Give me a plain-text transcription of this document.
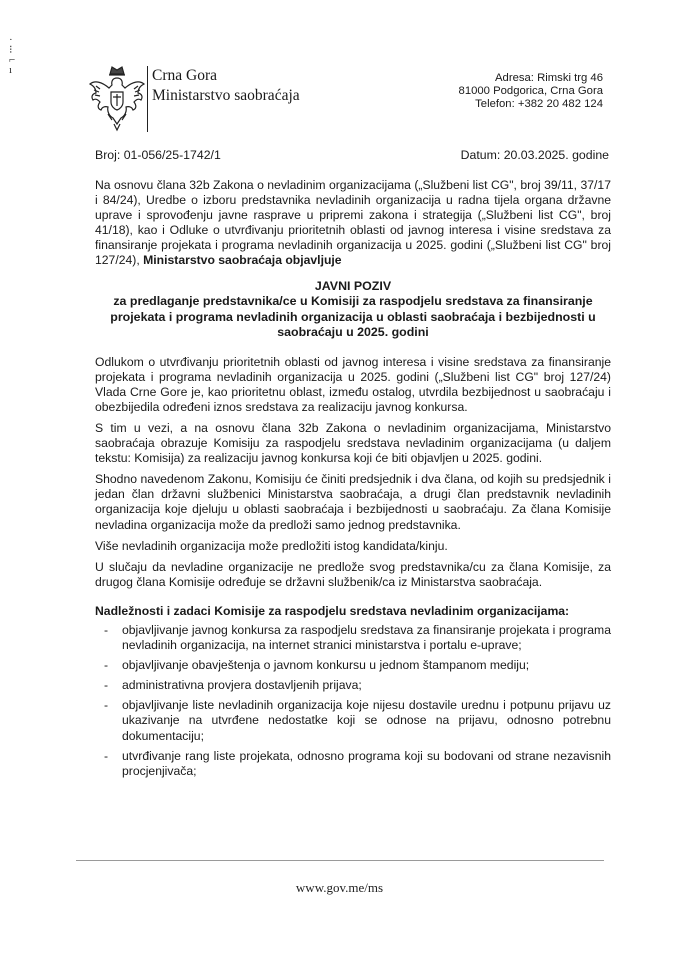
·
⁝
⌐
ı	Crna Gora
Ministarstvo saobraćaja
Adresa: Rimski trg 46
81000 Podgorica, Crna Gora
Telefon: +382 20 482 124
Broj: 01-056/25-1742/1	Datum: 20.03.2025. godine

Na osnovu člana 32b Zakona o nevladinim organizacijama („Službeni list CG", broj 39/11, 37/17 i 84/24), Uredbe o izboru predstavnika nevladinih organizacija u radna tijela organa državne uprave i sprovođenju javne rasprave u pripremi zakona i strategija („Službeni list CG", broj 41/18), kao i Odluke o utvrđivanju prioritetnih oblasti od javnog interesa i visine sredstava za finansiranje projekata i programa nevladinih organizacija u 2025. godini („Službeni list CG" broj 127/24), Ministarstvo saobraćaja objavljuje

JAVNI POZIV
za predlaganje predstavnika/ce u Komisiji za raspodjelu sredstava za finansiranje projekata i programa nevladinih organizacija u oblasti saobraćaja i bezbijednosti u saobraćaju u 2025. godini

Odlukom o utvrđivanju prioritetnih oblasti od javnog interesa i visine sredstava za finansiranje projekata i programa nevladinih organizacija u 2025. godini („Službeni list CG" broj 127/24) Vlada Crne Gore je, kao prioritetnu oblast, između ostalog, utvrdila bezbijednost u saobraćaju i obezbijedila određeni iznos sredstava za realizaciju javnog konkursa.

S tim u vezi, a na osnovu člana 32b Zakona o nevladinim organizacijama, Ministarstvo saobraćaja obrazuje Komisiju za raspodjelu sredstava nevladinim organizacijama (u daljem tekstu: Komisija) za realizaciju javnog konkursa koji će biti objavljen u 2025. godini.

Shodno navedenom Zakonu, Komisiju će činiti predsjednik i dva člana, od kojih su predsjednik i jedan član državni službenici Ministarstva saobraćaja, a drugi član predstavnik nevladinih organizacija koje djeluju u oblasti saobraćaja i bezbijednosti u saobraćaju. Za člana Komisije nevladina organizacija može da predloži samo jednog predstavnika.

Više nevladinih organizacija može predložiti istog kandidata/kinju.

U slučaju da nevladine organizacije ne predlože svog predstavnika/cu za člana Komisije, za drugog člana Komisije određuje se državni službenik/ca iz Ministarstva saobraćaja.

Nadležnosti i zadaci Komisije za raspodjelu sredstava nevladinim organizacijama:
- objavljivanje javnog konkursa za raspodjelu sredstava za finansiranje projekata i programa nevladinih organizacija, na internet stranici ministarstva i portalu e-uprave;
- objavljivanje obavještenja o javnom konkursu u jednom štampanom mediju;
- administrativna provjera dostavljenih prijava;
- objavljivanje liste nevladinih organizacija koje nijesu dostavile urednu i potpunu prijavu uz ukazivanje na utvrđene nedostatke koji se odnose na prijavu, odnosno potrebnu dokumentaciju;
- utvrđivanje rang liste projekata, odnosno programa koji su bodovani od strane nezavisnih procjenjivača;
www.gov.me/ms
